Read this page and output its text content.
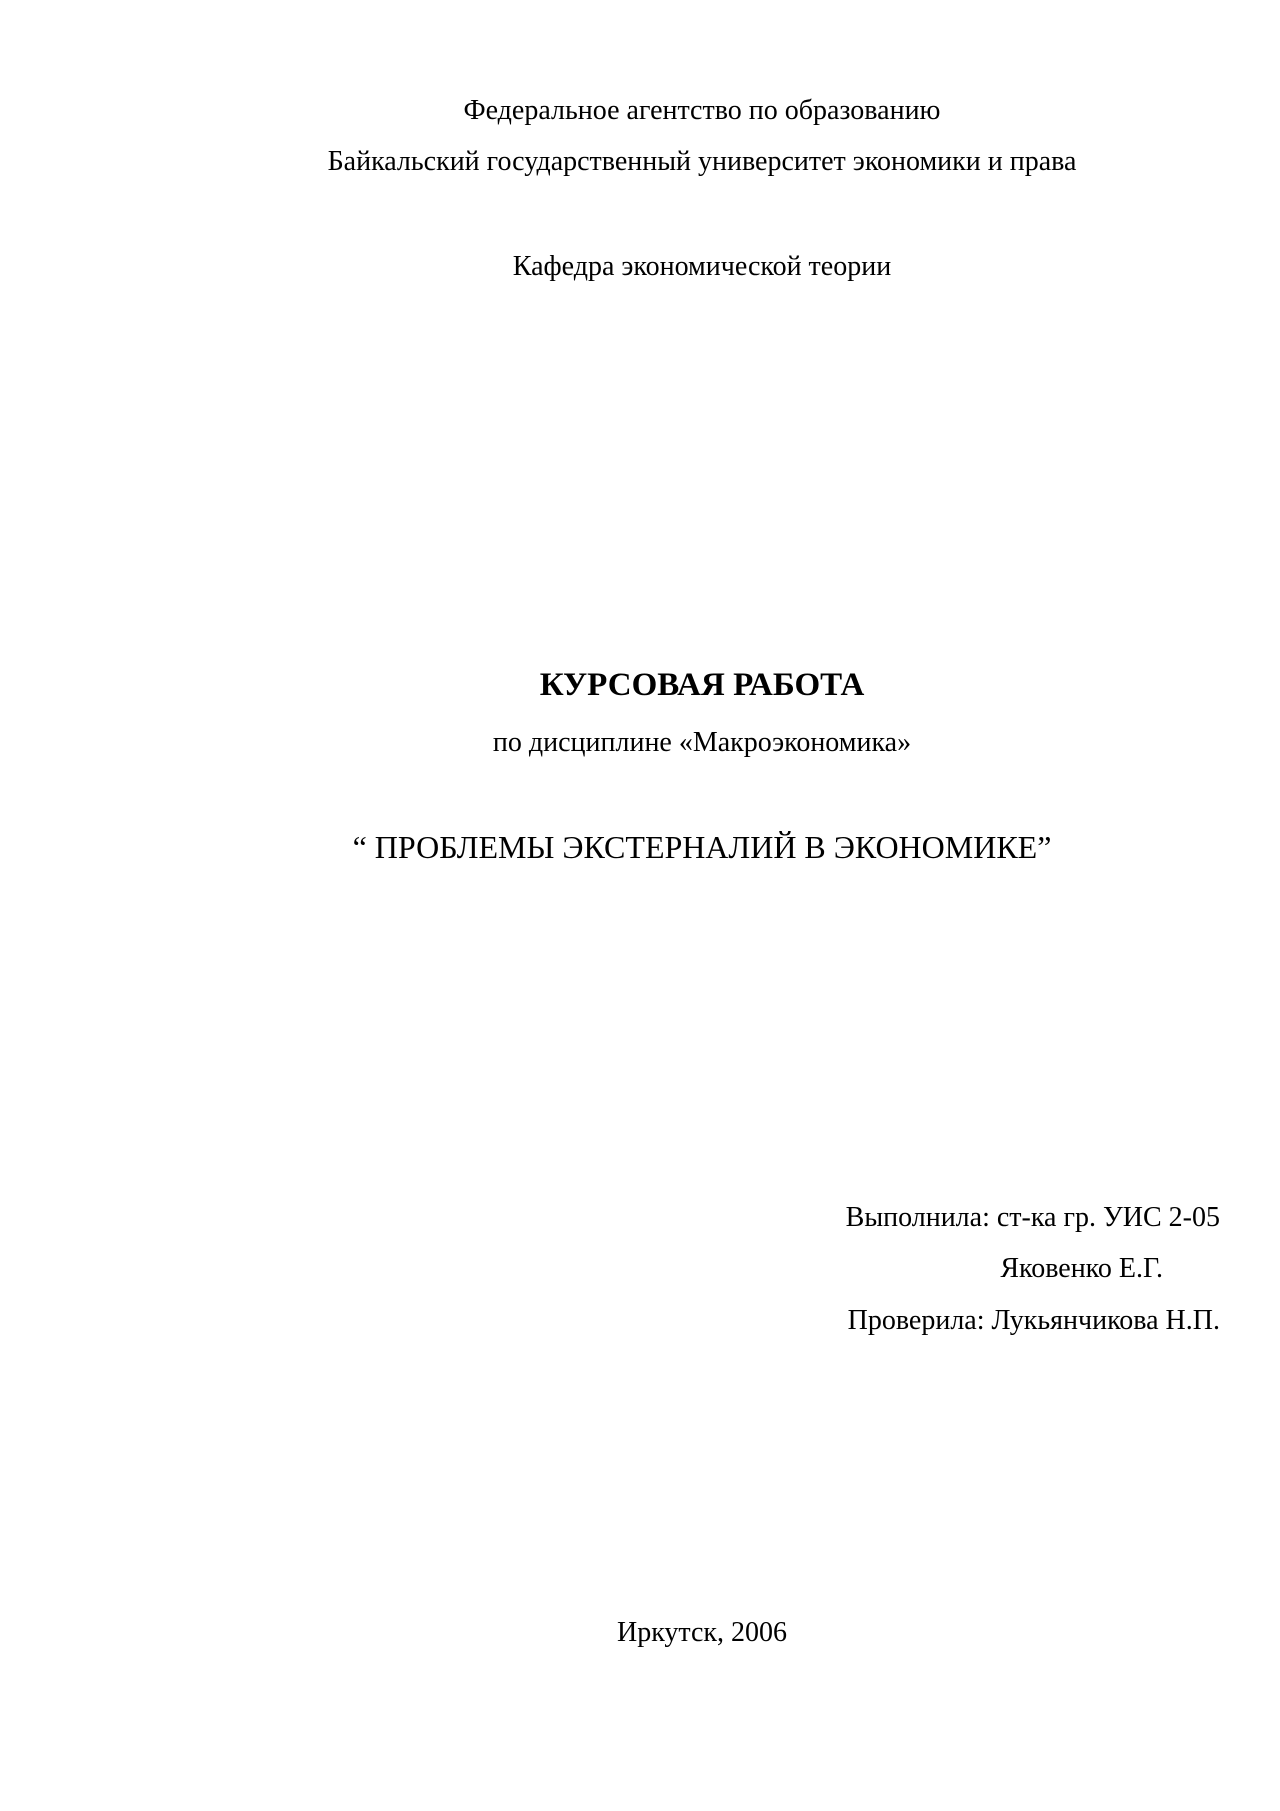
Федеральное агентство по образованию
Байкальский государственный университет экономики и права
Кафедра экономической теории
КУРСОВАЯ РАБОТА
по дисциплине «Макроэкономика»
“ ПРОБЛЕМЫ ЭКСТЕРНАЛИЙ В ЭКОНОМИКЕ”
Выполнила: ст-ка гр. УИС 2-05
Яковенко Е.Г.
Проверила: Лукьянчикова Н.П.
Иркутск, 2006
